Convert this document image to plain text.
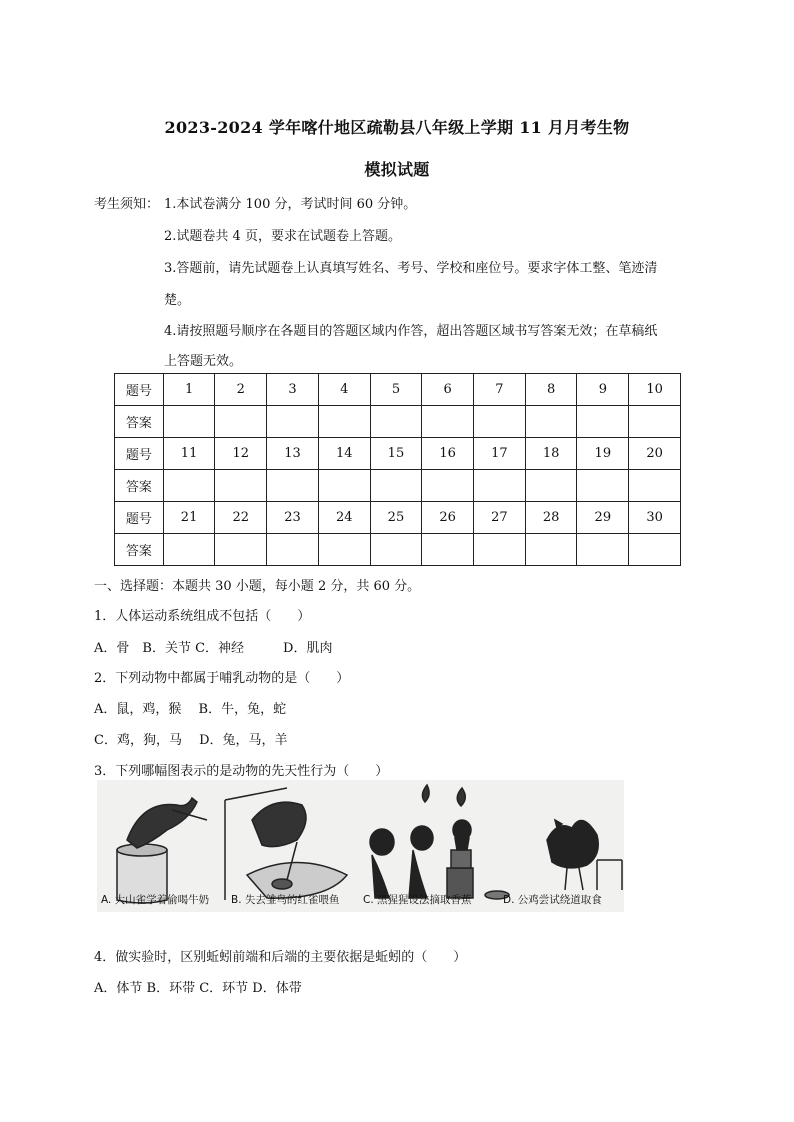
2023-2024 学年喀什地区疏勒县八年级上学期 11 月月考生物
模拟试题
考生须知： 1.本试卷满分 100 分，考试时间 60 分钟。
2.试题卷共 4 页，要求在试题卷上答题。
3.答题前，请先试题卷上认真填写姓名、考号、学校和座位号。要求字体工整、笔迹清
楚。
4.请按照题号顺序在各题目的答题区域内作答，超出答题区域书写答案无效；在草稿纸
上答题无效。
题号	1	2	3	4	5	6	7	8	9	10
答案										
题号	11	12	13	14	15	16	17	18	19	20
答案										
题号	21	22	23	24	25	26	27	28	29	30
答案										
一、选择题：本题共 30 小题，每小题 2 分，共 60 分。
1．人体运动系统组成不包括（　　）
A．骨　B．关节 C．神经　　　D．肌肉
2．下列动物中都属于哺乳动物的是（　　）
A．鼠，鸡，猴　 B．牛，兔，蛇
C．鸡，狗，马　 D．兔，马，羊
3．下列哪幅图表示的是动物的先天性行为（　　）
A. 大山雀学着偷喝牛奶 B. 失去雏鸟的红雀喂鱼 C. 黑猩猩设法摘取香蕉	D. 公鸡尝试绕道取食
4．做实验时，区别蚯蚓前端和后端的主要依据是蚯蚓的（　　）
A．体节 B．环带 C．环节 D．体带
